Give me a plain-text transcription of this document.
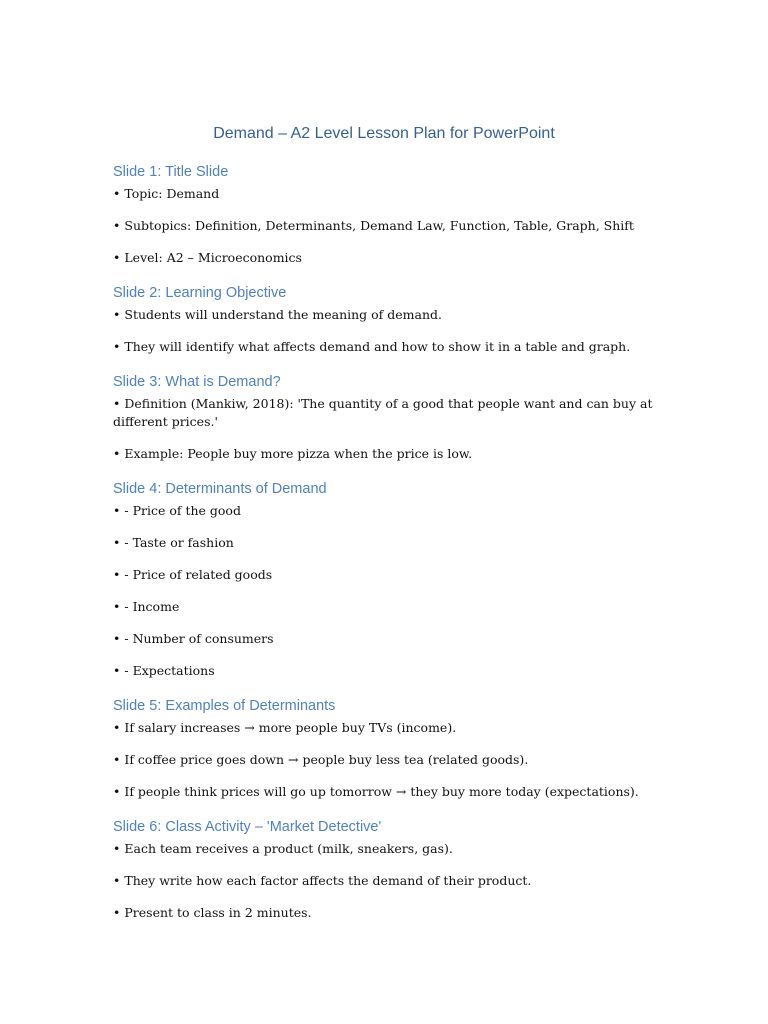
Demand – A2 Level Lesson Plan for PowerPoint
Slide 1: Title Slide

• Topic: Demand

• Subtopics: Definition, Determinants, Demand Law, Function, Table, Graph, Shift

• Level: A2 – Microeconomics

Slide 2: Learning Objective

• Students will understand the meaning of demand.

• They will identify what affects demand and how to show it in a table and graph.

Slide 3: What is Demand?

• Definition (Mankiw, 2018): 'The quantity of a good that people want and can buy at different prices.'

• Example: People buy more pizza when the price is low.

Slide 4: Determinants of Demand

• - Price of the good

• - Taste or fashion

• - Price of related goods

• - Income

• - Number of consumers

• - Expectations

Slide 5: Examples of Determinants

• If salary increases → more people buy TVs (income).

• If coffee price goes down → people buy less tea (related goods).

• If people think prices will go up tomorrow → they buy more today (expectations).

Slide 6: Class Activity – 'Market Detective'

• Each team receives a product (milk, sneakers, gas).

• They write how each factor affects the demand of their product.

• Present to class in 2 minutes.
